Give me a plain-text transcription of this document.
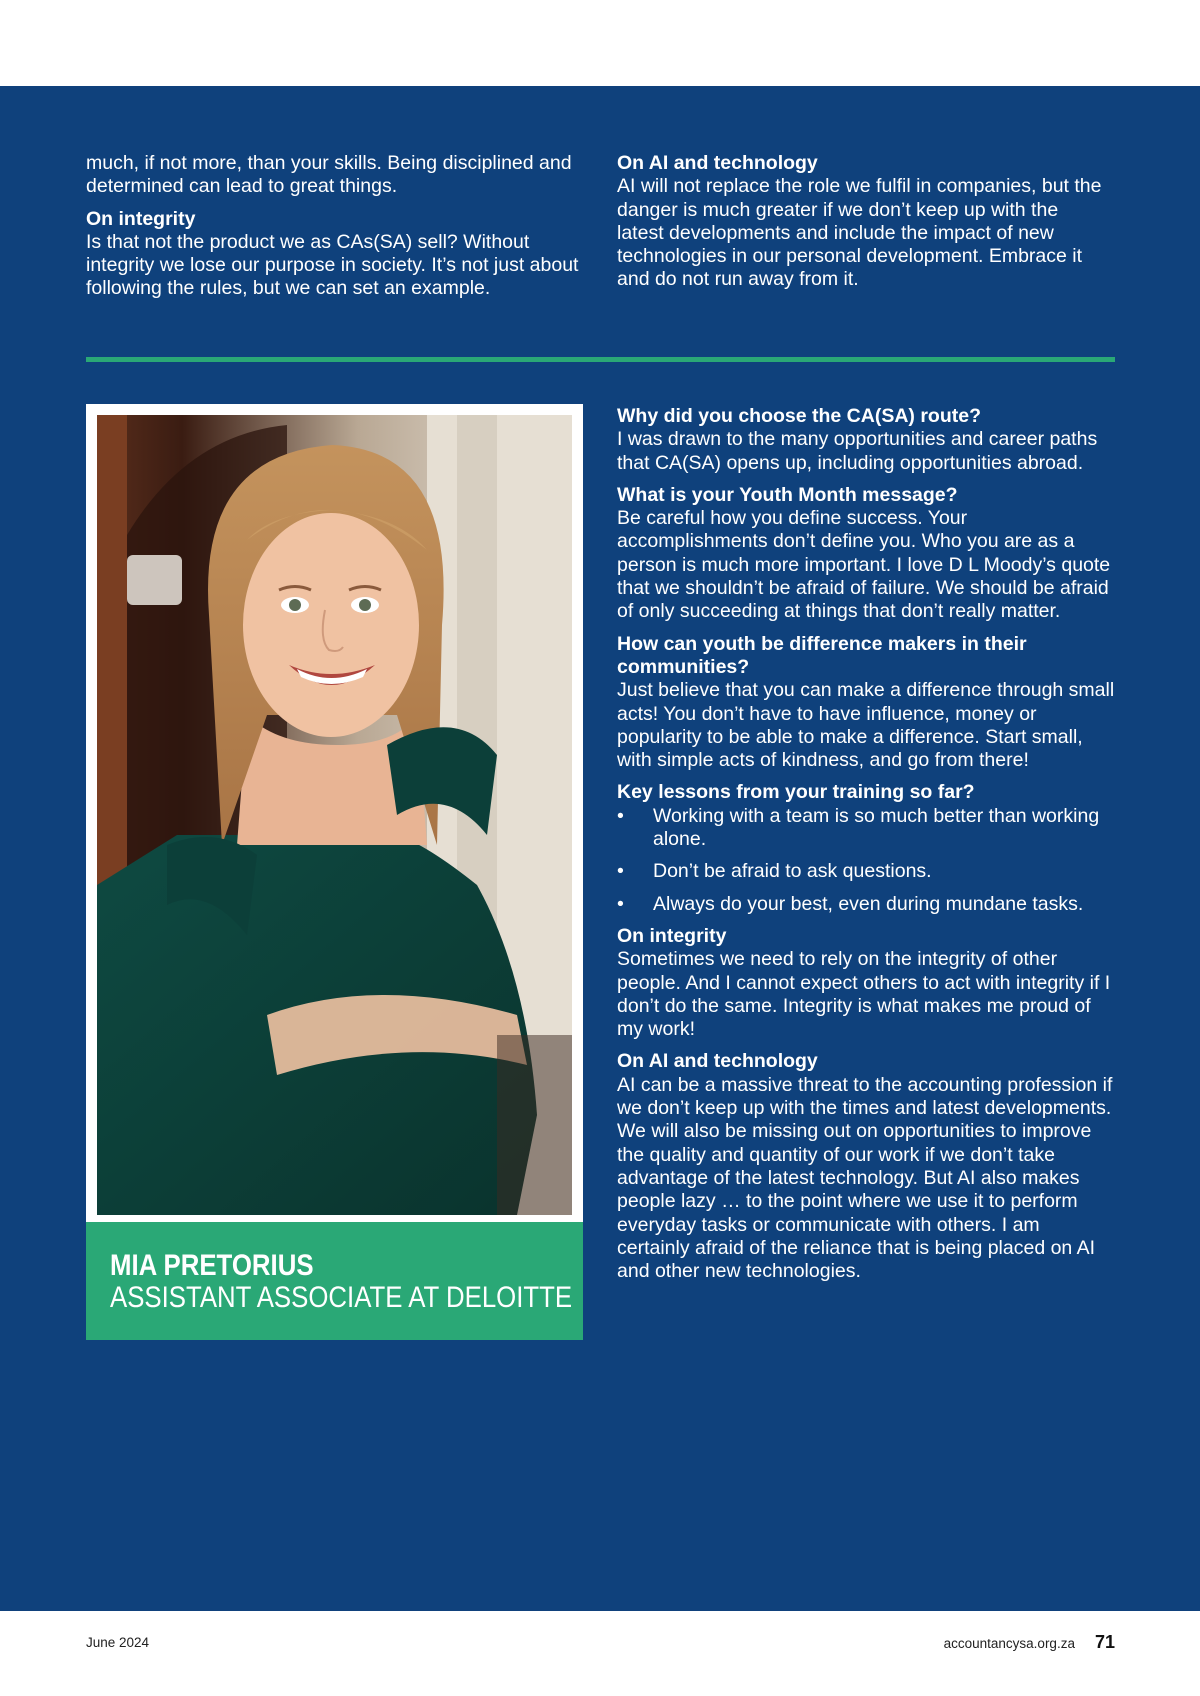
much, if not more, than your skills. Being disciplined and determined can lead to great things.

On integrity

Is that not the product we as CAs(SA) sell? Without integrity we lose our purpose in society. It’s not just about following the rules, but we can set an example.

On AI and technology

AI will not replace the role we fulfil in companies, but the danger is much greater if we don’t keep up with the latest developments and include the impact of new technologies in our personal development. Embrace it and do not run away from it.

MIA PRETORIUS
ASSISTANT ASSOCIATE AT DELOITTE
Why did you choose the CA(SA) route?

I was drawn to the many opportunities and career paths that CA(SA) opens up, including opportunities abroad.

What is your Youth Month message?

Be careful how you define success. Your accomplishments don’t define you. Who you are as a person is much more important. I love D L Moody’s quote that we shouldn’t be afraid of failure. We should be afraid of only succeeding at things that don’t really matter.

How can youth be difference makers in their communities?

Just believe that you can make a difference through small acts! You don’t have to have influence, money or popularity to be able to make a difference. Start small, with simple acts of kindness, and go from there!

Key lessons from your training so far?
• Working with a team is so much better than working alone.
• Don’t be afraid to ask questions.
• Always do your best, even during mundane tasks.
On integrity

Sometimes we need to rely on the integrity of other people. And I cannot expect others to act with integrity if I don’t do the same. Integrity is what makes me proud of my work!

On AI and technology

AI can be a massive threat to the accounting profession if we don’t keep up with the times and latest developments. We will also be missing out on opportunities to improve the quality and quantity of our work if we don’t take advantage of the latest technology. But AI also makes people lazy … to the point where we use it to perform everyday tasks or communicate with others. I am certainly afraid of the reliance that is being placed on AI and other new technologies.

June 2024	accountancysa.org.za 71
